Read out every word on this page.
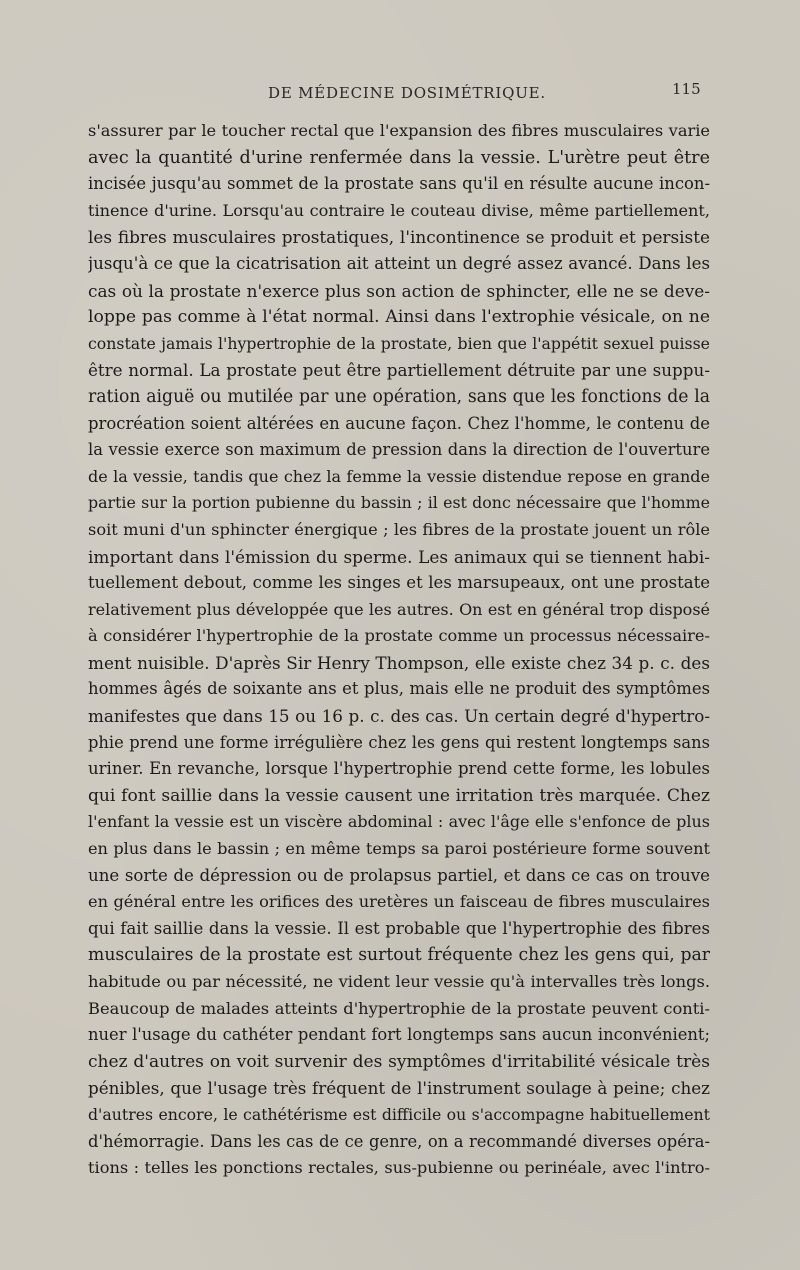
DE MÉDECINE DOSIMÉTRIQUE.	115
s'assurer par le toucher rectal que l'expansion des fibres musculaires varie
avec la quantité d'urine renfermée dans la vessie. L'urètre peut être
incisée jusqu'au sommet de la prostate sans qu'il en résulte aucune incon-
tinence d'urine. Lorsqu'au contraire le couteau divise, même partiellement,
les fibres musculaires prostatiques, l'incontinence se produit et persiste
jusqu'à ce que la cicatrisation ait atteint un degré assez avancé. Dans les
cas où la prostate n'exerce plus son action de sphincter, elle ne se deve-
loppe pas comme à l'état normal. Ainsi dans l'extrophie vésicale, on ne
constate jamais l'hypertrophie de la prostate, bien que l'appétit sexuel puisse
être normal. La prostate peut être partiellement détruite par une suppu-
ration aiguë ou mutilée par une opération, sans que les fonctions de la
procréation soient altérées en aucune façon. Chez l'homme, le contenu de
la vessie exerce son maximum de pression dans la direction de l'ouverture
de la vessie, tandis que chez la femme la vessie distendue repose en grande
partie sur la portion pubienne du bassin ; il est donc nécessaire que l'homme
soit muni d'un sphincter énergique ; les fibres de la prostate jouent un rôle
important dans l'émission du sperme. Les animaux qui se tiennent habi-
tuellement debout, comme les singes et les marsupeaux, ont une prostate
relativement plus développée que les autres. On est en général trop disposé
à considérer l'hypertrophie de la prostate comme un processus nécessaire-
ment nuisible. D'après Sir Henry Thompson, elle existe chez 34 p. c. des
hommes âgés de soixante ans et plus, mais elle ne produit des symptômes
manifestes que dans 15 ou 16 p. c. des cas. Un certain degré d'hypertro-
phie prend une forme irrégulière chez les gens qui restent longtemps sans
uriner. En revanche, lorsque l'hypertrophie prend cette forme, les lobules
qui font saillie dans la vessie causent une irritation très marquée. Chez
l'enfant la vessie est un viscère abdominal : avec l'âge elle s'enfonce de plus
en plus dans le bassin ; en même temps sa paroi postérieure forme souvent
une sorte de dépression ou de prolapsus partiel, et dans ce cas on trouve
en général entre les orifices des uretères un faisceau de fibres musculaires
qui fait saillie dans la vessie. Il est probable que l'hypertrophie des fibres
musculaires de la prostate est surtout fréquente chez les gens qui, par
habitude ou par nécessité, ne vident leur vessie qu'à intervalles très longs.
Beaucoup de malades atteints d'hypertrophie de la prostate peuvent conti-
nuer l'usage du cathéter pendant fort longtemps sans aucun inconvénient;
chez d'autres on voit survenir des symptômes d'irritabilité vésicale très
pénibles, que l'usage très fréquent de l'instrument soulage à peine; chez
d'autres encore, le cathétérisme est difficile ou s'accompagne habituellement
d'hémorragie. Dans les cas de ce genre, on a recommandé diverses opéra-
tions : telles les ponctions rectales, sus-pubienne ou perinéale, avec l'intro-
